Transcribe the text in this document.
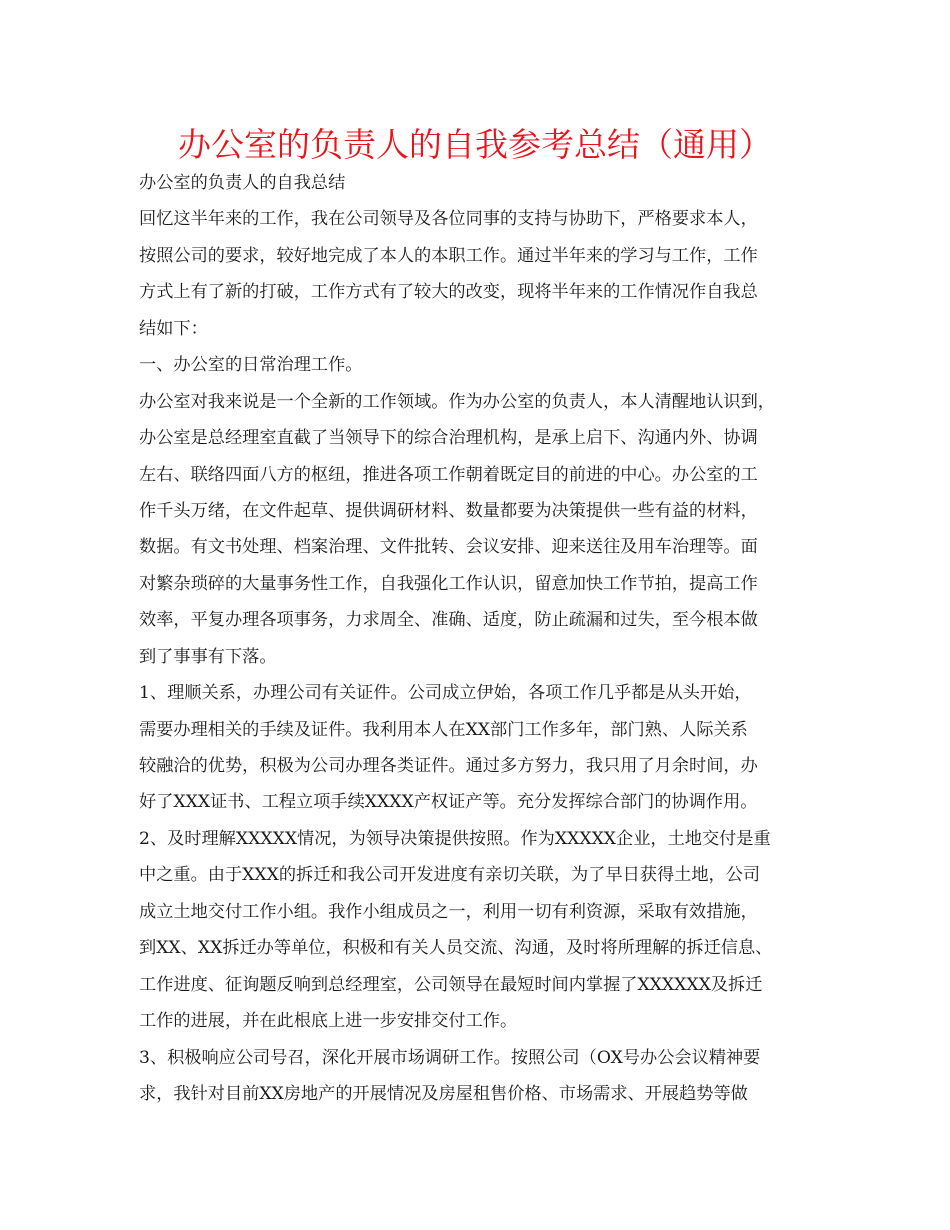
办公室的负责人的自我参考总结（通用）
办公室的负责人的自我总结
回忆这半年来的工作，我在公司领导及各位同事的支持与协助下，严格要求本人，
按照公司的要求，较好地完成了本人的本职工作。通过半年来的学习与工作，工作
方式上有了新的打破，工作方式有了较大的改变，现将半年来的工作情况作自我总
结如下：
一、办公室的日常治理工作。
办公室对我来说是一个全新的工作领域。作为办公室的负责人，本人清醒地认识到，
办公室是总经理室直截了当领导下的综合治理机构，是承上启下、沟通内外、协调
左右、联络四面八方的枢纽，推进各项工作朝着既定目的前进的中心。办公室的工
作千头万绪，在文件起草、提供调研材料、数量都要为决策提供一些有益的材料，
数据。有文书处理、档案治理、文件批转、会议安排、迎来送往及用车治理等。面
对繁杂琐碎的大量事务性工作，自我强化工作认识，留意加快工作节拍，提高工作
效率，平复办理各项事务，力求周全、准确、适度，防止疏漏和过失，至今根本做
到了事事有下落。
1、理顺关系，办理公司有关证件。公司成立伊始，各项工作几乎都是从头开始，
需要办理相关的手续及证件。我利用本人在XX部门工作多年，部门熟、人际关系
较融洽的优势，积极为公司办理各类证件。通过多方努力，我只用了月余时间，办
好了XXX证书、工程立项手续XXXX产权证产等。充分发挥综合部门的协调作用。
2、及时理解XXXXX情况，为领导决策提供按照。作为XXXXX企业，土地交付是重
中之重。由于XXX的拆迁和我公司开发进度有亲切关联，为了早日获得土地，公司
成立土地交付工作小组。我作小组成员之一，利用一切有利资源，采取有效措施，
到XX、XX拆迁办等单位，积极和有关人员交流、沟通，及时将所理解的拆迁信息、
工作进度、征询题反响到总经理室，公司领导在最短时间内掌握了XXXXXX及拆迁
工作的进展，并在此根底上进一步安排交付工作。
3、积极响应公司号召，深化开展市场调研工作。按照公司（OX号办公会议精神要
求，我针对目前XX房地产的开展情况及房屋租售价格、市场需求、开展趋势等做
